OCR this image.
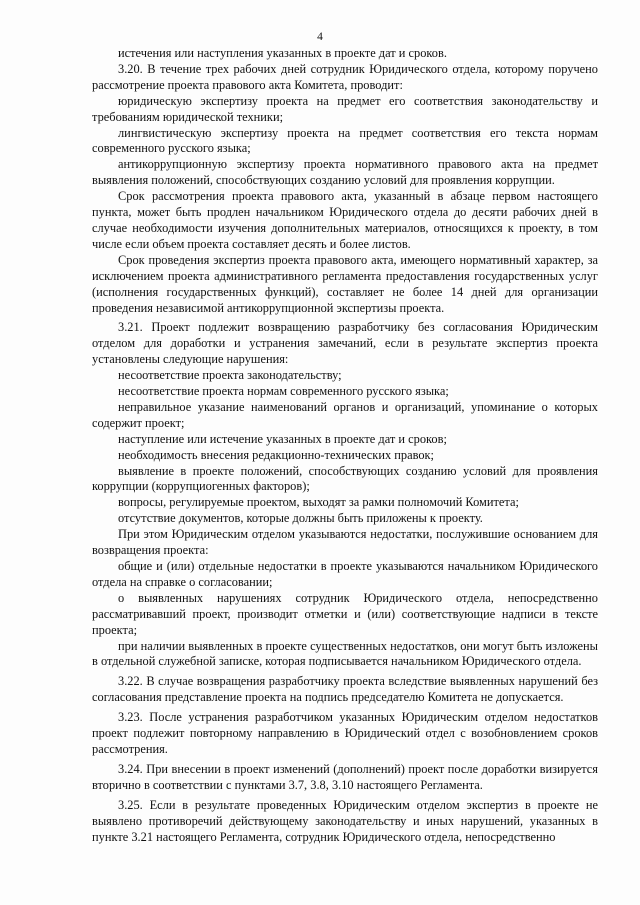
4

истечения или наступления указанных в проекте дат и сроков.

3.20. В течение трех рабочих дней сотрудник Юридического отдела, которому поручено рассмотрение проекта правового акта Комитета, проводит:

юридическую экспертизу проекта на предмет его соответствия законодательству и требованиям юридической техники;

лингвистическую экспертизу проекта на предмет соответствия его текста нормам современного русского языка;

антикоррупционную экспертизу проекта нормативного правового акта на предмет выявления положений, способствующих созданию условий для проявления коррупции.

Срок рассмотрения проекта правового акта, указанный в абзаце первом настоящего пункта, может быть продлен начальником Юридического отдела до десяти рабочих дней в случае необходимости изучения дополнительных материалов, относящихся к проекту, в том числе если объем проекта составляет десять и более листов.

Срок проведения экспертиз проекта правового акта, имеющего нормативный характер, за исключением проекта административного регламента предоставления государственных услуг (исполнения государственных функций), составляет не более 14 дней для организации проведения независимой антикоррупционной экспертизы проекта.

3.21. Проект подлежит возвращению разработчику без согласования Юридическим отделом для доработки и устранения замечаний, если в результате экспертиз проекта установлены следующие нарушения:

несоответствие проекта законодательству;

несоответствие проекта нормам современного русского языка;

неправильное указание наименований органов и организаций, упоминание о которых содержит проект;

наступление или истечение указанных в проекте дат и сроков;

необходимость внесения редакционно-технических правок;

выявление в проекте положений, способствующих созданию условий для проявления коррупции (коррупциогенных факторов);

вопросы, регулируемые проектом, выходят за рамки полномочий Комитета;

отсутствие документов, которые должны быть приложены к проекту.

При этом Юридическим отделом указываются недостатки, послужившие основанием для возвращения проекта:

общие и (или) отдельные недостатки в проекте указываются начальником Юридического отдела на справке о согласовании;

о выявленных нарушениях сотрудник Юридического отдела, непосредственно рассматривавший проект, производит отметки и (или) соответствующие надписи в тексте проекта;

при наличии выявленных в проекте существенных недостатков, они могут быть изложены в отдельной служебной записке, которая подписывается начальником Юридического отдела.

3.22. В случае возвращения разработчику проекта вследствие выявленных нарушений без согласования представление проекта на подпись председателю Комитета не допускается.

3.23. После устранения разработчиком указанных Юридическим отделом недостатков проект подлежит повторному направлению в Юридический отдел с возобновлением сроков рассмотрения.

3.24. При внесении в проект изменений (дополнений) проект после доработки визируется вторично в соответствии с пунктами 3.7, 3.8, 3.10 настоящего Регламента.

3.25. Если в результате проведенных Юридическим отделом экспертиз в проекте не выявлено противоречий действующему законодательству и иных нарушений, указанных в пункте 3.21 настоящего Регламента, сотрудник Юридического отдела, непосредственно
